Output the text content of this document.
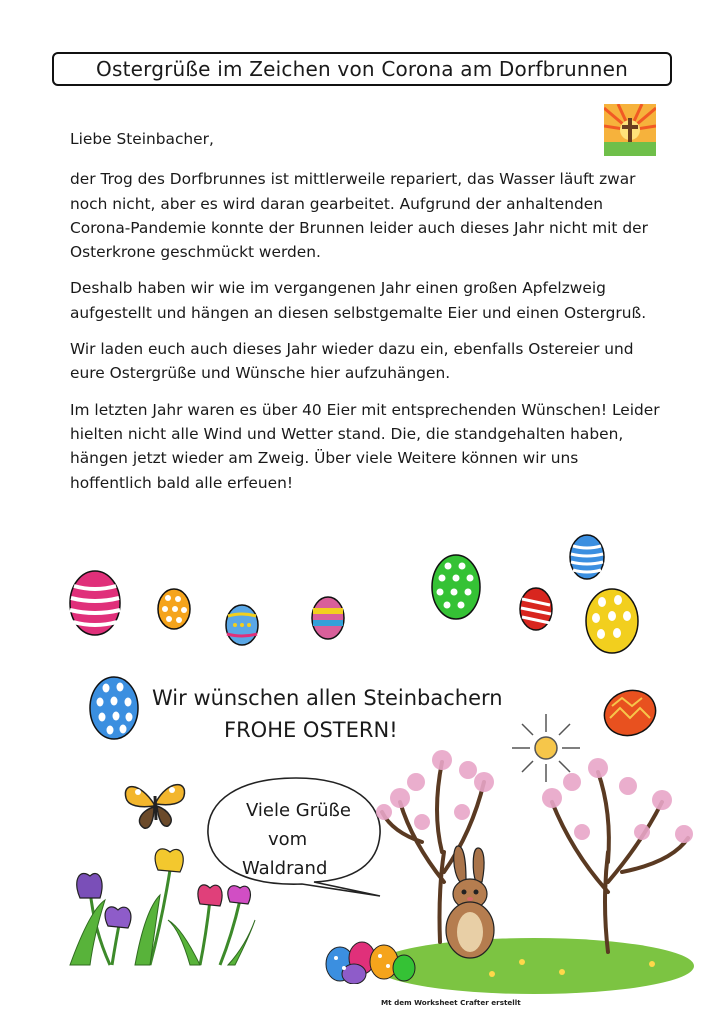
Ostergrüße im Zeichen von Corona am Dorfbrunnen

Liebe Steinbacher,

der Trog des Dorfbrunnes ist mittlerweile repariert, das Wasser läuft zwar noch nicht, aber es wird daran gearbeitet. Aufgrund der anhaltenden Corona-Pandemie konnte der Brunnen leider auch dieses Jahr nicht mit der Osterkrone geschmückt werden.

Deshalb haben wir wie im vergangenen Jahr einen großen Apfelzweig aufgestellt und hängen an diesen selbstgemalte Eier und einen Ostergruß.

Wir laden euch auch dieses Jahr wieder dazu ein, ebenfalls Ostereier und eure Ostergrüße und Wünsche hier aufzuhängen.

Im letzten Jahr waren es über 40 Eier mit entsprechenden Wünschen! Leider hielten nicht alle Wind und Wetter stand. Die, die standgehalten haben, hängen jetzt wieder am Zweig. Über viele Weitere können wir uns hoffentlich bald alle erfeuen!

Wir wünschen allen Steinbachern
FROHE OSTERN!
Viele Grüße
vom
Waldrand
Mt dem Worksheet Crafter erstellt
